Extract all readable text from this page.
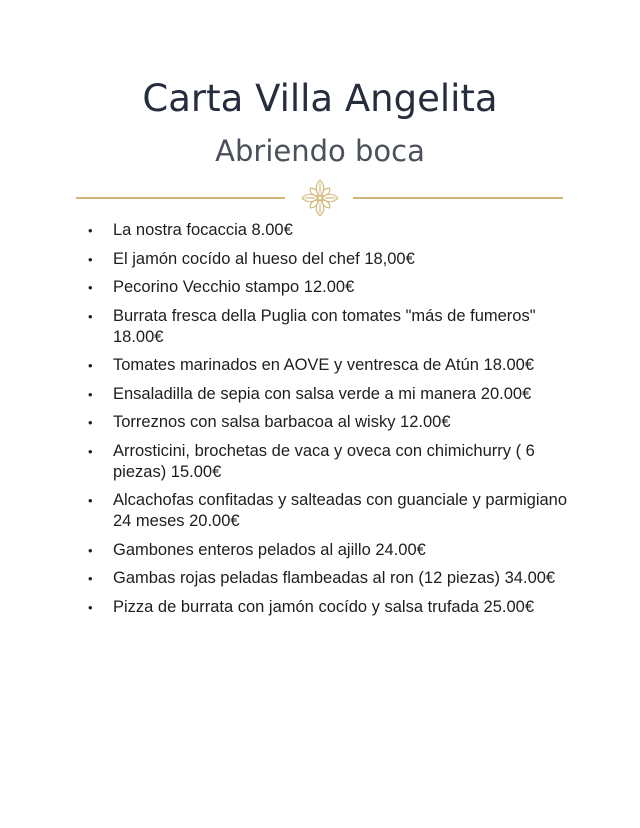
Carta Villa Angelita
Abriendo boca
•	La nostra focaccia 8.00€
•	El jamón cocído al hueso del chef 18,00€
•	Pecorino Vecchio stampo 12.00€
•	Burrata fresca della Puglia con tomates "más de fumeros" 18.00€
•	Tomates marinados en AOVE y ventresca de Atún 18.00€
•	Ensaladilla de sepia con salsa verde a mi manera 20.00€
•	Torreznos con salsa barbacoa al wisky 12.00€
•	Arrosticini, brochetas de vaca y oveca con chimichurry ( 6 piezas) 15.00€
•	Alcachofas confitadas y salteadas con guanciale y parmigiano 24 meses 20.00€
•	Gambones enteros pelados al ajillo 24.00€
•	Gambas rojas peladas flambeadas al ron (12 piezas) 34.00€
•	Pizza de burrata con jamón cocído y salsa trufada 25.00€
